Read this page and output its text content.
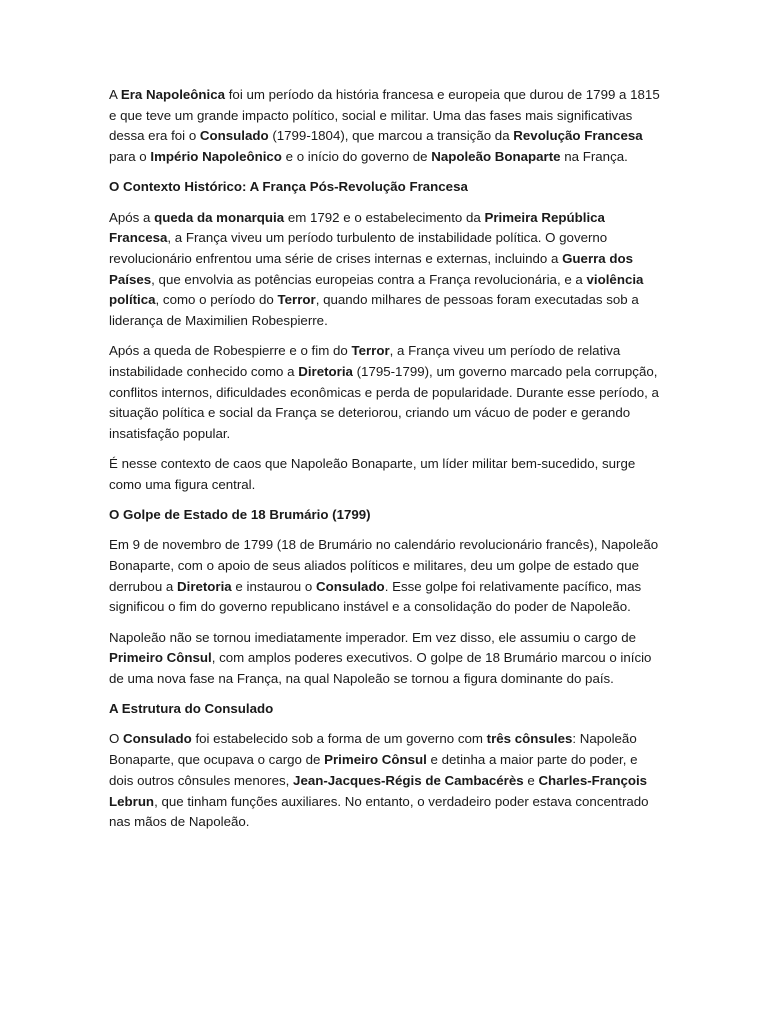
A Era Napoleônica foi um período da história francesa e europeia que durou de 1799 a 1815 e que teve um grande impacto político, social e militar. Uma das fases mais significativas dessa era foi o Consulado (1799-1804), que marcou a transição da Revolução Francesa para o Império Napoleônico e o início do governo de Napoleão Bonaparte na França.

O Contexto Histórico: A França Pós-Revolução Francesa

Após a queda da monarquia em 1792 e o estabelecimento da Primeira República Francesa, a França viveu um período turbulento de instabilidade política. O governo revolucionário enfrentou uma série de crises internas e externas, incluindo a Guerra dos Países, que envolvia as potências europeias contra a França revolucionária, e a violência política, como o período do Terror, quando milhares de pessoas foram executadas sob a liderança de Maximilien Robespierre.

Após a queda de Robespierre e o fim do Terror, a França viveu um período de relativa instabilidade conhecido como a Diretoria (1795-1799), um governo marcado pela corrupção, conflitos internos, dificuldades econômicas e perda de popularidade. Durante esse período, a situação política e social da França se deteriorou, criando um vácuo de poder e gerando insatisfação popular.

É nesse contexto de caos que Napoleão Bonaparte, um líder militar bem-sucedido, surge como uma figura central.

O Golpe de Estado de 18 Brumário (1799)

Em 9 de novembro de 1799 (18 de Brumário no calendário revolucionário francês), Napoleão Bonaparte, com o apoio de seus aliados políticos e militares, deu um golpe de estado que derrubou a Diretoria e instaurou o Consulado. Esse golpe foi relativamente pacífico, mas significou o fim do governo republicano instável e a consolidação do poder de Napoleão.

Napoleão não se tornou imediatamente imperador. Em vez disso, ele assumiu o cargo de Primeiro Cônsul, com amplos poderes executivos. O golpe de 18 Brumário marcou o início de uma nova fase na França, na qual Napoleão se tornou a figura dominante do país.

A Estrutura do Consulado

O Consulado foi estabelecido sob a forma de um governo com três cônsules: Napoleão Bonaparte, que ocupava o cargo de Primeiro Cônsul e detinha a maior parte do poder, e dois outros cônsules menores, Jean-Jacques-Régis de Cambacérès e Charles-François Lebrun, que tinham funções auxiliares. No entanto, o verdadeiro poder estava concentrado nas mãos de Napoleão.
